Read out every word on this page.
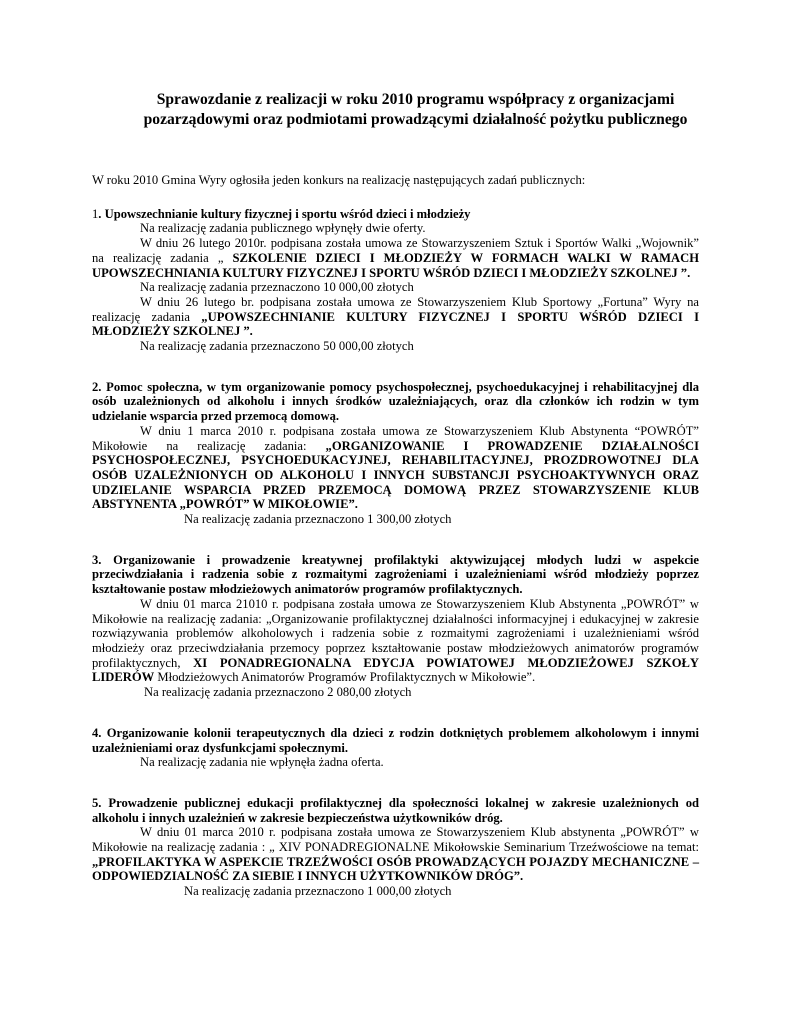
Sprawozdanie z realizacji w roku 2010 programu współpracy z organizacjami
pozarządowymi oraz podmiotami prowadzącymi działalność pożytku publicznego

W roku 2010 Gmina Wyry ogłosiła jeden konkurs na realizację następujących zadań publicznych:

1. Upowszechnianie kultury fizycznej i sportu wśród dzieci i młodzieży

Na realizację zadania publicznego wpłynęły dwie oferty.

W dniu 26 lutego 2010r. podpisana została umowa ze Stowarzyszeniem Sztuk i Sportów Walki „Wojownik” na realizację zadania „ SZKOLENIE DZIECI I MŁODZIEŻY W FORMACH WALKI W RAMACH UPOWSZECHNIANIA KULTURY FIZYCZNEJ I SPORTU WŚRÓD DZIECI I MŁODZIEŻY SZKOLNEJ ”.

Na realizację zadania przeznaczono 10 000,00 złotych

W dniu 26 lutego br. podpisana została umowa ze Stowarzyszeniem Klub Sportowy „Fortuna” Wyry na realizację zadania „UPOWSZECHNIANIE KULTURY FIZYCZNEJ I SPORTU WŚRÓD DZIECI I MŁODZIEŻY SZKOLNEJ ”.

Na realizację zadania przeznaczono 50 000,00 złotych

2. Pomoc społeczna, w tym organizowanie pomocy psychospołecznej, psychoedukacyjnej i rehabilitacyjnej dla osób uzależnionych od alkoholu i innych środków uzależniających, oraz dla członków ich rodzin w tym udzielanie wsparcia przed przemocą domową.

W dniu 1 marca 2010 r. podpisana została umowa ze Stowarzyszeniem Klub Abstynenta “POWRÓT” Mikołowie na realizację zadania: „ORGANIZOWANIE I PROWADZENIE DZIAŁALNOŚCI PSYCHOSPOŁECZNEJ, PSYCHOEDUKACYJNEJ, REHABILITACYJNEJ, PROZDROWOTNEJ DLA OSÓB UZALEŻNIONYCH OD ALKOHOLU I INNYCH SUBSTANCJI PSYCHOAKTYWNYCH ORAZ UDZIELANIE WSPARCIA PRZED PRZEMOCĄ DOMOWĄ PRZEZ STOWARZYSZENIE KLUB ABSTYNENTA „POWRÓT” W MIKOŁOWIE”.

Na realizację zadania przeznaczono 1 300,00 złotych

3. Organizowanie i prowadzenie kreatywnej profilaktyki aktywizującej młodych ludzi w aspekcie przeciwdziałania i radzenia sobie z rozmaitymi zagrożeniami i uzależnieniami wśród młodzieży poprzez kształtowanie postaw młodzieżowych animatorów programów profilaktycznych.

W dniu 01 marca 21010 r. podpisana została umowa ze Stowarzyszeniem Klub Abstynenta „POWRÓT” w Mikołowie na realizację zadania: „Organizowanie profilaktycznej działalności informacyjnej i edukacyjnej w zakresie rozwiązywania problemów alkoholowych i radzenia sobie z rozmaitymi zagrożeniami i uzależnieniami wśród młodzieży oraz przeciwdziałania przemocy poprzez kształtowanie postaw młodzieżowych animatorów programów profilaktycznych, XI PONADREGIONALNA EDYCJA POWIATOWEJ MŁODZIEŻOWEJ SZKOŁY LIDERÓW Młodzieżowych Animatorów Programów Profilaktycznych w Mikołowie”.

Na realizację zadania przeznaczono 2 080,00 złotych

4. Organizowanie kolonii terapeutycznych dla dzieci z rodzin dotkniętych problemem alkoholowym i innymi uzależnieniami oraz dysfunkcjami społecznymi.

Na realizację zadania nie wpłynęła żadna oferta.

5. Prowadzenie publicznej edukacji profilaktycznej dla społeczności lokalnej w zakresie uzależnionych od alkoholu i innych uzależnień w zakresie bezpieczeństwa użytkowników dróg.

W dniu 01 marca 2010 r. podpisana została umowa ze Stowarzyszeniem Klub abstynenta „POWRÓT” w Mikołowie na realizację zadania : „ XIV PONADREGIONALNE Mikołowskie Seminarium Trzeźwościowe na temat: „PROFILAKTYKA W ASPEKCIE TRZEŹWOŚCI OSÓB PROWADZĄCYCH POJAZDY MECHANICZNE – ODPOWIEDZIALNOŚĆ ZA SIEBIE I INNYCH UŻYTKOWNIKÓW DRÓG”.

Na realizację zadania przeznaczono 1 000,00 złotych
